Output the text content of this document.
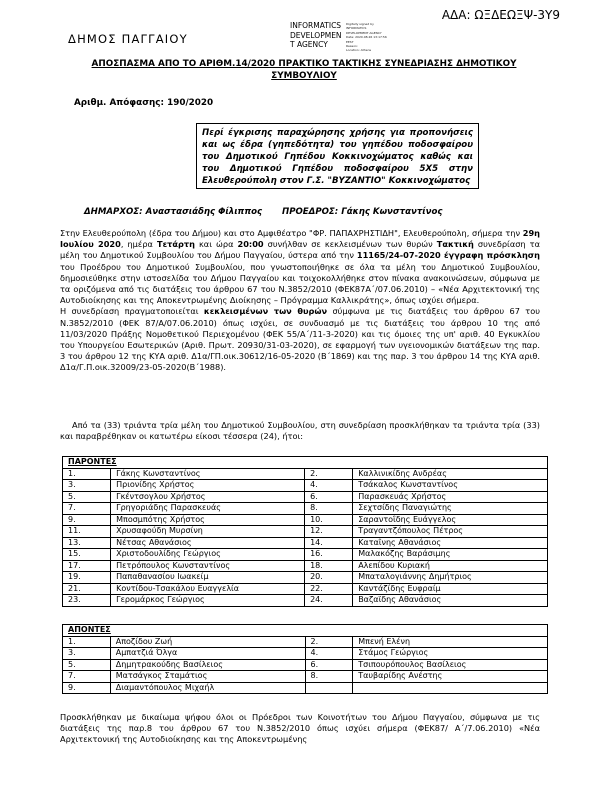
ΑΔΑ: ΩΞΔΕΩΞΨ-3Υ9
ΔΗΜΟΣ ΠΑΓΓΑΙΟΥ
INFORMATICS
DEVELOPMEN
T AGENCY
Digitally signed by
INFORMATICS
DEVELOPMENT AGENCY
Date: 2020.08.26 13:17:56
EEST
Reason:
Location: Athens
ΑΠΟΣΠΑΣΜΑ ΑΠΟ ΤΟ ΑΡΙΘΜ.14/2020 ΠΡΑΚΤΙΚΟ ΤΑΚΤΙΚΗΣ ΣΥΝΕΔΡΙΑΣΗΣ ΔΗΜΟΤΙΚΟΥ ΣΥΜΒΟΥΛΙΟΥ
Αριθμ. Απόφασης: 190/2020
Περί έγκρισης παραχώρησης χρήσης για προπονήσεις και ως έδρα (γηπεδότητα) του γηπέδου ποδοσφαίρου του Δημοτικού Γηπέδου Κοκκινοχώματος καθώς και του Δημοτικού Γηπέδου ποδοσφαίρου 5Χ5 στην Ελευθερούπολη στον Γ.Σ. "ΒΥΖΑΝΤΙΟ" Κοκκινοχώματος
ΔΗΜΑΡΧΟΣ: Αναστασιάδης Φίλιππος ΠΡΟΕΔΡΟΣ: Γάκης Κωνσταντίνος

Στην Ελευθερούπολη (έδρα του Δήμου) και στο Αμφιθέατρο "ΦΡ. ΠΑΠΑΧΡΗΣΤΙΔΗ", Ελευθερούπολη, σήμερα την 29η Ιουλίου 2020, ημέρα Τετάρτη και ώρα 20:00 συνήλθαν σε κεκλεισμένων των θυρών Τακτική συνεδρίαση τα μέλη του Δημοτικού Συμβουλίου του Δήμου Παγγαίου, ύστερα από την 11165/24-07-2020 έγγραφη πρόσκληση του Προέδρου του Δημοτικού Συμβουλίου, που γνωστοποιήθηκε σε όλα τα μέλη του Δημοτικού Συμβουλίου, δημοσιεύθηκε στην ιστοσελίδα του Δήμου Παγγαίου και τοιχοκολλήθηκε στον πίνακα ανακοινώσεων, σύμφωνα με τα οριζόμενα από τις διατάξεις του άρθρου 67 του Ν.3852/2010 (ΦΕΚ87Α΄/07.06.2010) – «Νέα Αρχιτεκτονική της Αυτοδιοίκησης και της Αποκεντρωμένης Διοίκησης – Πρόγραμμα Καλλικράτης», όπως ισχύει σήμερα.

Η συνεδρίαση πραγματοποιείται κεκλεισμένων των θυρών σύμφωνα με τις διατάξεις του άρθρου 67 του Ν.3852/2010 (ΦΕΚ 87/Α/07.06.2010) όπως ισχύει, σε συνδυασμό με τις διατάξεις του άρθρου 10 της από 11/03/2020 Πράξης Νομοθετικού Περιεχομένου (ΦΕΚ 55/Α΄/11-3-2020) και τις όμοιες της υπ' αριθ. 40 Εγκυκλίου του Υπουργείου Εσωτερικών (Αριθ. Πρωτ. 20930/31-03-2020), σε εφαρμογή των υγειονομικών διατάξεων της παρ. 3 του άρθρου 12 της ΚΥΑ αριθ. Δ1α/ΓΠ.οικ.30612/16-05-2020 (Β΄1869) και της παρ. 3 του άρθρου 14 της ΚΥΑ αριθ. Δ1α/Γ.Π.οικ.32009/23-05-2020(Β΄1988).

Από τα (33) τριάντα τρία μέλη του Δημοτικού Συμβουλίου, στη συνεδρίαση προσκλήθηκαν τα τριάντα τρία (33) και παραβρέθηκαν οι κατωτέρω είκοσι τέσσερα (24), ήτοι:
ΠΑΡΟΝΤΕΣ			
1.	Γάκης Κωνσταντίνος	2.	Καλλινικίδης Ανδρέας
3.	Πριονίδης Χρήστος	4.	Τσάκαλος Κωνσταντίνος
5.	Γκέντσογλου Χρήστος	6.	Παρασκευάς Χρήστος
7.	Γρηγοριάδης Παρασκευάς	8.	Σεχτσίδης Παναγιώτης
9.	Μποσμπότης Χρήστος	10.	Σαραντοΐδης Ευάγγελος
11.	Χρυσαφούδη Μυρσίνη	12.	Τραγαντζόπουλος Πέτρος
13.	Νέτσας Αθανάσιος	14.	Καταΐνης Αθανάσιος
15.	Χριστοδουλίδης Γεώργιος	16.	Μαλακόζης Βαράσιμης
17.	Πετρόπουλος Κωνσταντίνος	18.	Αλεπίδου Κυριακή
19.	Παπαθανασίου Ιωακείμ	20.	Μπαταλογιάννης Δημήτριος
21.	Κοντίδου-Τσακάλου Ευαγγελία	22.	Καντάζίδης Ευφραίμ
23.	Γερομάρκος Γεώργιος	24.	Βαζαϊδης Αθανάσιος
ΑΠΟΝΤΕΣ			
1.	Αποζίδου Ζωή	2.	Μπενή Ελένη
3.	Αμπατζιά Όλγα	4.	Στάμος Γεώργιος
5.	Δημητρακούδης Βασίλειος	6.	Τσιπουρόπουλος Βασίλειος
7.	Ματσάγκος Σταμάτιος	8.	Ταυβαρίδης Ανέστης
9.	Διαμαντόπουλος Μιχαήλ		
Προσκλήθηκαν με δικαίωμα ψήφου όλοι οι Πρόεδροι των Κοινοτήτων του Δήμου Παγγαίου, σύμφωνα με τις διατάξεις της παρ.8 του άρθρου 67 του Ν.3852/2010 όπως ισχύει σήμερα (ΦΕΚ87/ Α΄/7.06.2010) «Νέα Αρχιτεκτονική της Αυτοδιοίκησης και της Αποκεντρωμένης
